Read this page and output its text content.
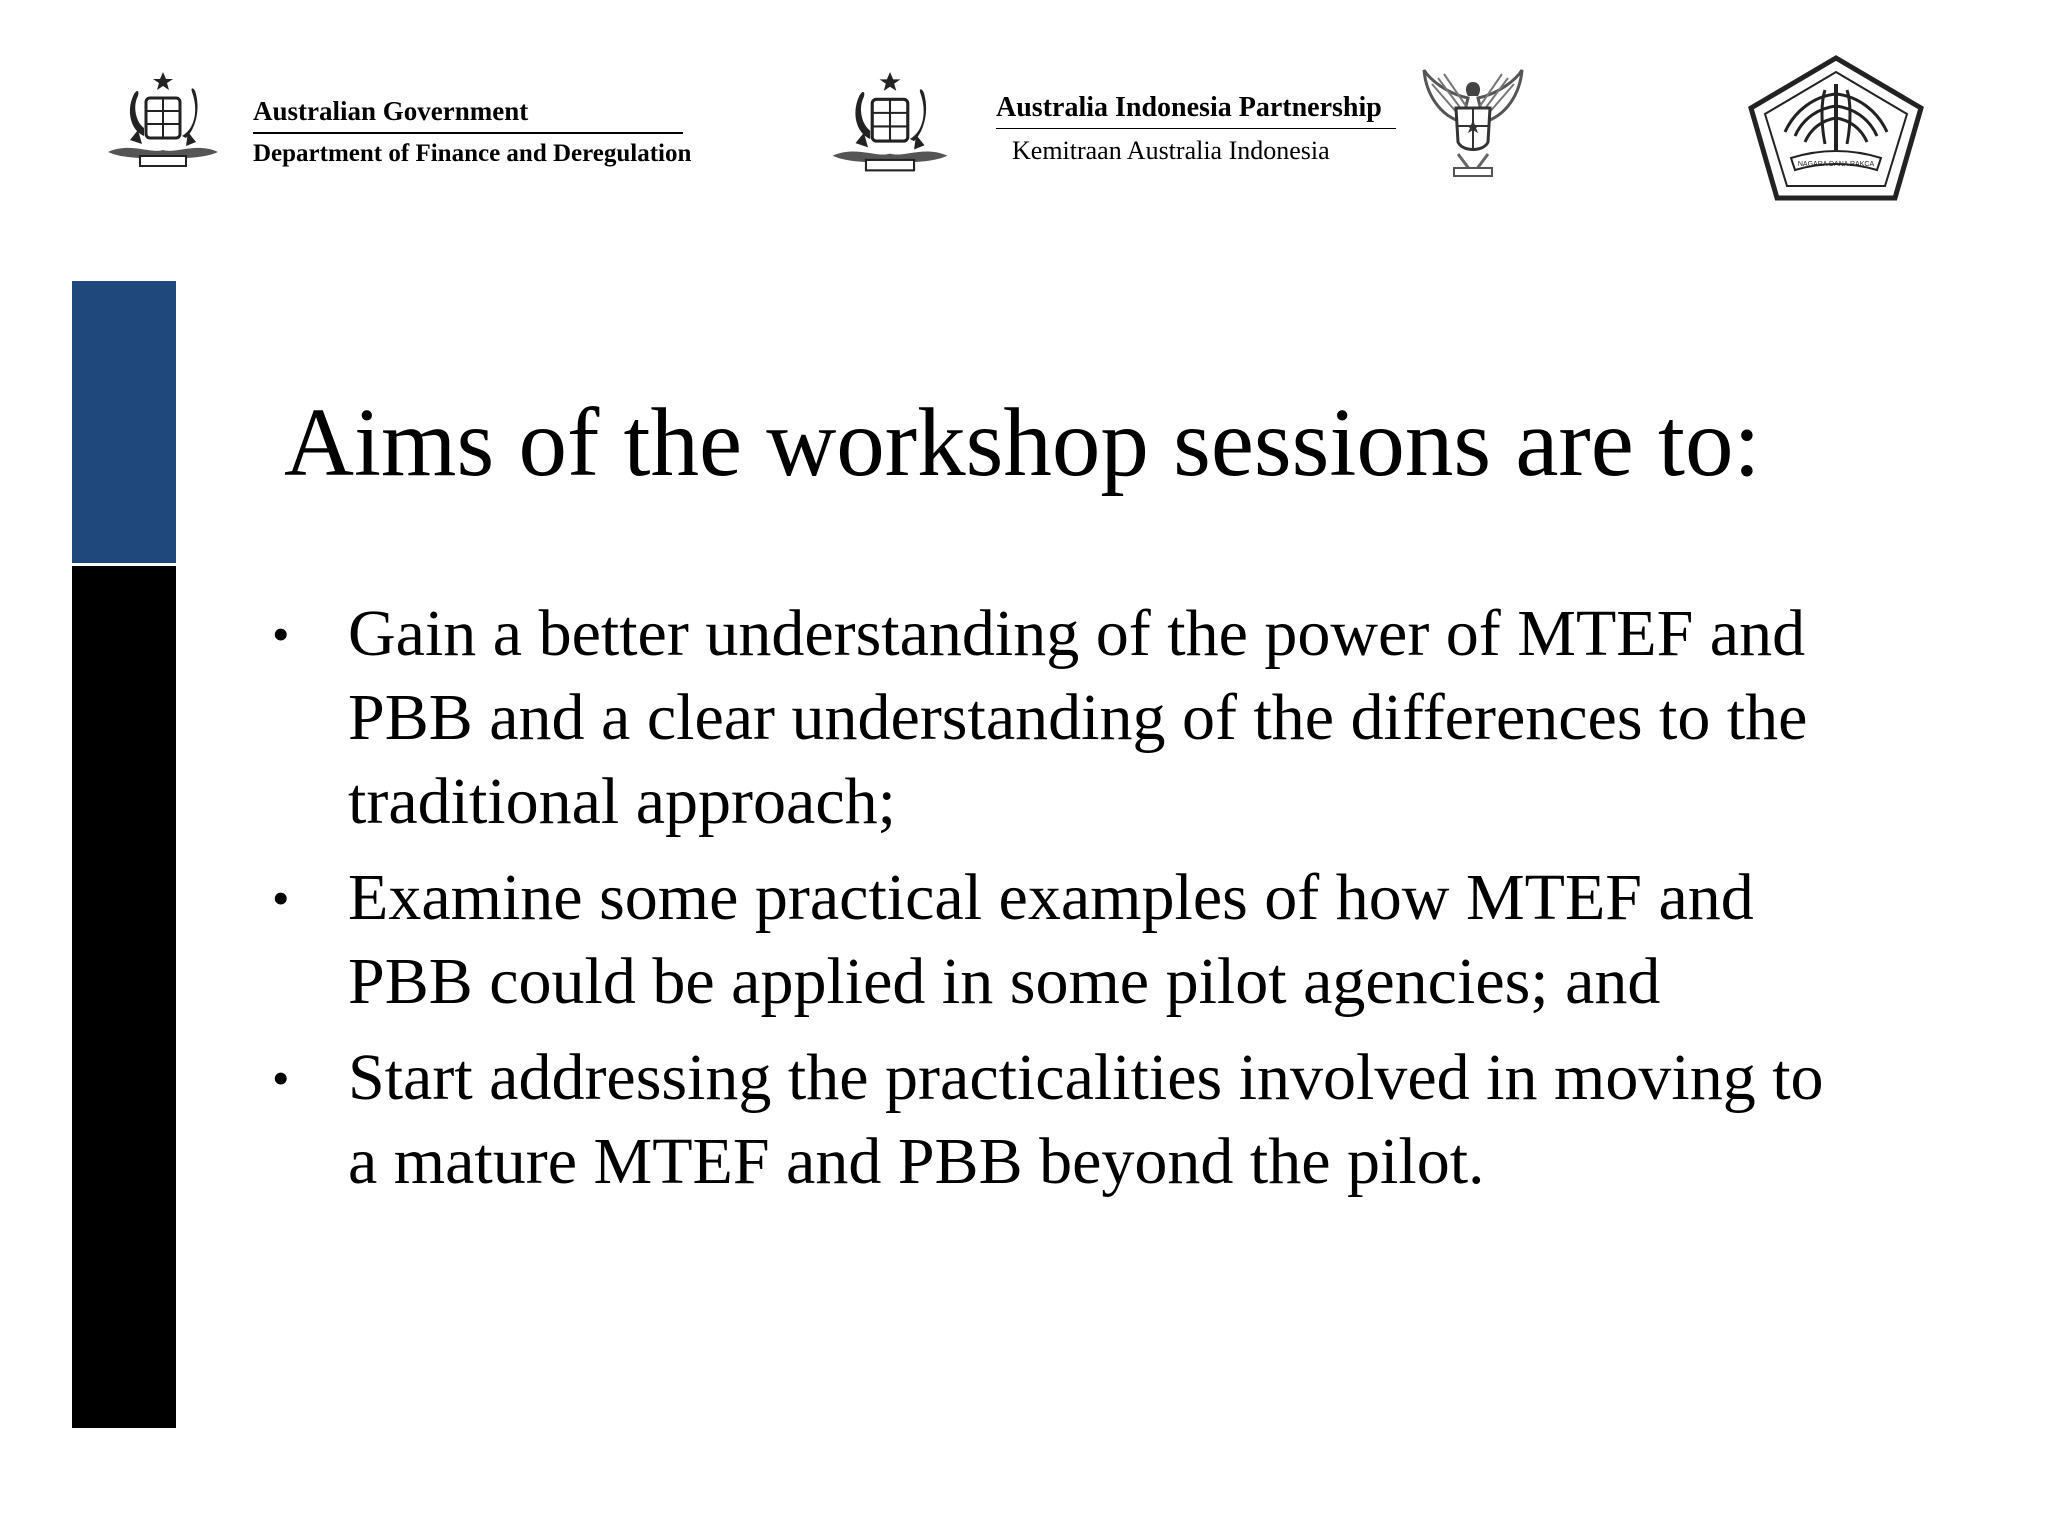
Australian Government
Department of Finance and Deregulation
Australia Indonesia Partnership
Kemitraan Australia Indonesia	NAGARA DANA RAKCA
Aims of the workshop sessions are to:
• Gain a better understanding of the power of MTEF and PBB and a clear understanding of the differences to the traditional approach;
• Examine some practical examples of how MTEF and PBB could be applied in some pilot agencies; and
• Start addressing the practicalities involved in moving to a mature MTEF and PBB beyond the pilot.
